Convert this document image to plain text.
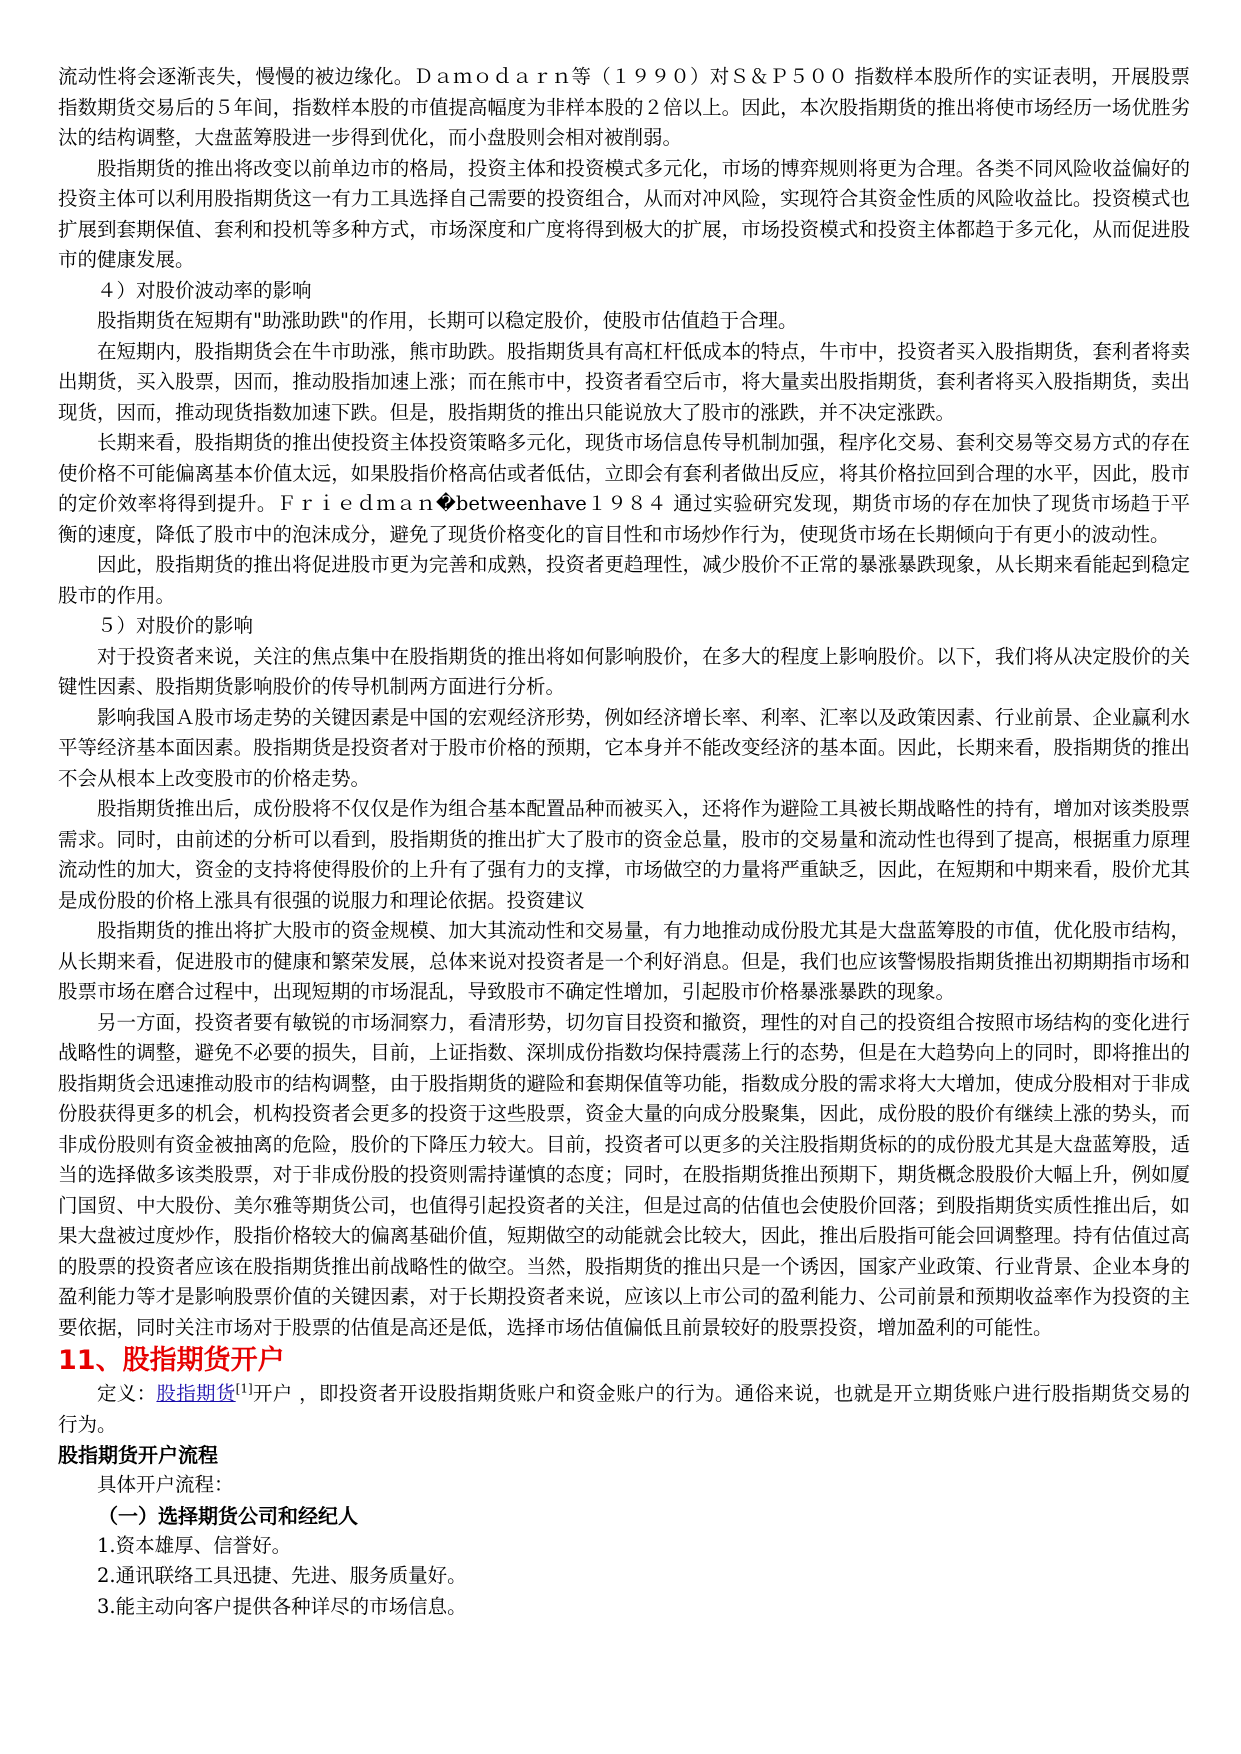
流动性将会逐渐丧失，慢慢的被边缘化。Ｄａｍｏｄａｒｎ等（１９９０）对Ｓ＆Ｐ５００ 指数样本股所作的实证表明，开展股票指数期货交易后的５年间，指数样本股的市值提高幅度为非样本股的２倍以上。因此，本次股指期货的推出将使市场经历一场优胜劣汰的结构调整，大盘蓝筹股进一步得到优化，而小盘股则会相对被削弱。

股指期货的推出将改变以前单边市的格局，投资主体和投资模式多元化，市场的博弈规则将更为合理。各类不同风险收益偏好的投资主体可以利用股指期货这一有力工具选择自己需要的投资组合，从而对冲风险，实现符合其资金性质的风险收益比。投资模式也扩展到套期保值、套利和投机等多种方式，市场深度和广度将得到极大的扩展，市场投资模式和投资主体都趋于多元化，从而促进股市的健康发展。

４）对股价波动率的影响

股指期货在短期有"助涨助跌"的作用，长期可以稳定股价，使股市估值趋于合理。

在短期内，股指期货会在牛市助涨，熊市助跌。股指期货具有高杠杆低成本的特点，牛市中，投资者买入股指期货，套利者将卖出期货，买入股票，因而，推动股指加速上涨；而在熊市中，投资者看空后市，将大量卖出股指期货，套利者将买入股指期货，卖出现货，因而，推动现货指数加速下跌。但是，股指期货的推出只能说放大了股市的涨跌，并不决定涨跌。

长期来看，股指期货的推出使投资主体投资策略多元化，现货市场信息传导机制加强，程序化交易、套利交易等交易方式的存在使价格不可能偏离基本价值太远，如果股指价格高估或者低估，立即会有套利者做出反应，将其价格拉回到合理的水平，因此，股市的定价效率将得到提升。Ｆｒｉｅｄｍａｎ�betweenhave１９８４ 通过实验研究发现，期货市场的存在加快了现货市场趋于平衡的速度，降低了股市中的泡沫成分，避免了现货价格变化的盲目性和市场炒作行为，使现货市场在长期倾向于有更小的波动性。

因此，股指期货的推出将促进股市更为完善和成熟，投资者更趋理性，减少股价不正常的暴涨暴跌现象，从长期来看能起到稳定股市的作用。

５）对股价的影响

对于投资者来说，关注的焦点集中在股指期货的推出将如何影响股价，在多大的程度上影响股价。以下，我们将从决定股价的关键性因素、股指期货影响股价的传导机制两方面进行分析。

影响我国Ａ股市场走势的关键因素是中国的宏观经济形势，例如经济增长率、利率、汇率以及政策因素、行业前景、企业赢利水平等经济基本面因素。股指期货是投资者对于股市价格的预期，它本身并不能改变经济的基本面。因此，长期来看，股指期货的推出不会从根本上改变股市的价格走势。

股指期货推出后，成份股将不仅仅是作为组合基本配置品种而被买入，还将作为避险工具被长期战略性的持有，增加对该类股票需求。同时，由前述的分析可以看到，股指期货的推出扩大了股市的资金总量，股市的交易量和流动性也得到了提高，根据重力原理流动性的加大，资金的支持将使得股价的上升有了强有力的支撑，市场做空的力量将严重缺乏，因此，在短期和中期来看，股价尤其是成份股的价格上涨具有很强的说服力和理论依据。投资建议

股指期货的推出将扩大股市的资金规模、加大其流动性和交易量，有力地推动成份股尤其是大盘蓝筹股的市值，优化股市结构，从长期来看，促进股市的健康和繁荣发展，总体来说对投资者是一个利好消息。但是，我们也应该警惕股指期货推出初期期指市场和股票市场在磨合过程中，出现短期的市场混乱，导致股市不确定性增加，引起股市价格暴涨暴跌的现象。

另一方面，投资者要有敏锐的市场洞察力，看清形势，切勿盲目投资和撤资，理性的对自己的投资组合按照市场结构的变化进行战略性的调整，避免不必要的损失，目前，上证指数、深圳成份指数均保持震荡上行的态势，但是在大趋势向上的同时，即将推出的股指期货会迅速推动股市的结构调整，由于股指期货的避险和套期保值等功能，指数成分股的需求将大大增加，使成分股相对于非成份股获得更多的机会，机构投资者会更多的投资于这些股票，资金大量的向成分股聚集，因此，成份股的股价有继续上涨的势头，而非成份股则有资金被抽离的危险，股价的下降压力较大。目前，投资者可以更多的关注股指期货标的的成份股尤其是大盘蓝筹股，适当的选择做多该类股票，对于非成份股的投资则需持谨慎的态度；同时，在股指期货推出预期下，期货概念股股价大幅上升，例如厦门国贸、中大股份、美尔雅等期货公司，也值得引起投资者的关注，但是过高的估值也会使股价回落；到股指期货实质性推出后，如果大盘被过度炒作，股指价格较大的偏离基础价值，短期做空的动能就会比较大，因此，推出后股指可能会回调整理。持有估值过高的股票的投资者应该在股指期货推出前战略性的做空。当然，股指期货的推出只是一个诱因，国家产业政策、行业背景、企业本身的盈利能力等才是影响股票价值的关键因素，对于长期投资者来说，应该以上市公司的盈利能力、公司前景和预期收益率作为投资的主要依据，同时关注市场对于股票的估值是高还是低，选择市场估值偏低且前景较好的股票投资，增加盈利的可能性。

11、股指期货开户

定义：股指期货[1]开户 ，即投资者开设股指期货账户和资金账户的行为。通俗来说，也就是开立期货账户进行股指期货交易的行为。

股指期货开户流程

具体开户流程：

（一）选择期货公司和经纪人

1.资本雄厚、信誉好。

2.通讯联络工具迅捷、先进、服务质量好。

3.能主动向客户提供各种详尽的市场信息。
